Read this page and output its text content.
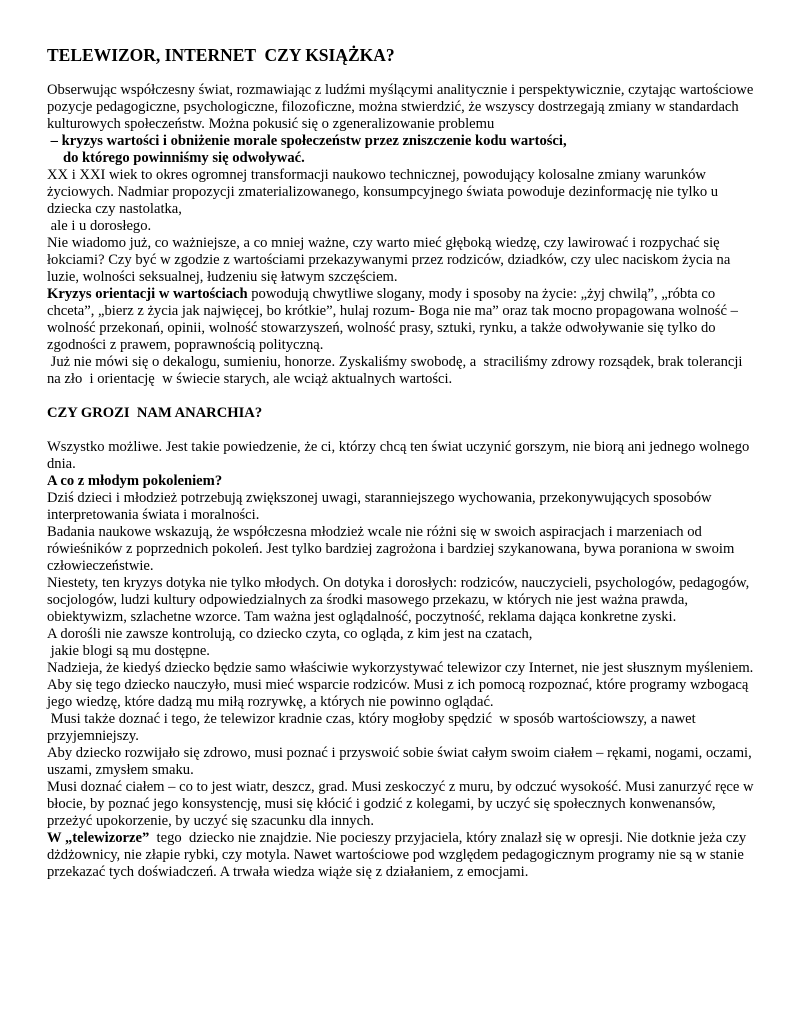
TELEWIZOR, INTERNET  CZY KSIĄŻKA?

Obserwując współczesny świat, rozmawiając z ludźmi myślącymi analitycznie i perspektywicznie, czytając wartościowe pozycje pedagogiczne, psychologiczne, filozoficzne, można stwierdzić, że wszyscy dostrzegają zmiany w standardach kulturowych społeczeństw. Można pokusić się o zgeneralizowanie problemu

– kryzys wartości i obniżenie morale społeczeństw przez zniszczenie kodu wartości,

do którego powinniśmy się odwoływać.

XX i XXI wiek to okres ogromnej transformacji naukowo technicznej, powodujący kolosalne zmiany warunków życiowych. Nadmiar propozycji zmaterializowanego, konsumpcyjnego świata powoduje dezinformację nie tylko u dziecka czy nastolatka,

ale i u dorosłego.

Nie wiadomo już, co ważniejsze, a co mniej ważne, czy warto mieć głęboką wiedzę, czy lawirować i rozpychać się łokciami? Czy być w zgodzie z wartościami przekazywanymi przez rodziców, dziadków, czy ulec naciskom życia na luzie, wolności seksualnej, łudzeniu się łatwym szczęściem.

Kryzys orientacji w wartościach powodują chwytliwe slogany, mody i sposoby na życie: „żyj chwilą”, „róbta co chceta”, „bierz z życia jak najwięcej, bo krótkie”, hulaj rozum- Boga nie ma” oraz tak mocno propagowana wolność – wolność przekonań, opinii, wolność stowarzyszeń, wolność prasy, sztuki, rynku, a także odwoływanie się tylko do zgodności z prawem, poprawnością polityczną.

Już nie mówi się o dekalogu, sumieniu, honorze. Zyskaliśmy swobodę, a  straciliśmy zdrowy rozsądek, brak tolerancji na zło  i orientację  w świecie starych, ale wciąż aktualnych wartości.

CZY GROZI  NAM ANARCHIA?

Wszystko możliwe. Jest takie powiedzenie, że ci, którzy chcą ten świat uczynić gorszym, nie biorą ani jednego wolnego dnia.

A co z młodym pokoleniem?

Dziś dzieci i młodzież potrzebują zwiększonej uwagi, staranniejszego wychowania, przekonywujących sposobów interpretowania świata i moralności.

Badania naukowe wskazują, że współczesna młodzież wcale nie różni się w swoich aspiracjach i marzeniach od rówieśników z poprzednich pokoleń. Jest tylko bardziej zagrożona i bardziej szykanowana, bywa poraniona w swoim człowieczeństwie.

Niestety, ten kryzys dotyka nie tylko młodych. On dotyka i dorosłych: rodziców, nauczycieli, psychologów, pedagogów, socjologów, ludzi kultury odpowiedzialnych za środki masowego przekazu, w których nie jest ważna prawda, obiektywizm, szlachetne wzorce. Tam ważna jest oglądalność, poczytność, reklama dająca konkretne zyski.

A dorośli nie zawsze kontrolują, co dziecko czyta, co ogląda, z kim jest na czatach,

jakie blogi są mu dostępne.

Nadzieja, że kiedyś dziecko będzie samo właściwie wykorzystywać telewizor czy Internet, nie jest słusznym myśleniem. Aby się tego dziecko nauczyło, musi mieć wsparcie rodziców. Musi z ich pomocą rozpoznać, które programy wzbogacą jego wiedzę, które dadzą mu miłą rozrywkę, a których nie powinno oglądać.

Musi także doznać i tego, że telewizor kradnie czas, który mogłoby spędzić  w sposób wartościowszy, a nawet przyjemniejszy.

Aby dziecko rozwijało się zdrowo, musi poznać i przyswoić sobie świat całym swoim ciałem – rękami, nogami, oczami, uszami, zmysłem smaku.

Musi doznać ciałem – co to jest wiatr, deszcz, grad. Musi zeskoczyć z muru, by odczuć wysokość. Musi zanurzyć ręce w błocie, by poznać jego konsystencję, musi się kłócić i godzić z kolegami, by uczyć się społecznych konwenansów, przeżyć upokorzenie, by uczyć się szacunku dla innych.

W „telewizorze”  tego  dziecko nie znajdzie. Nie pocieszy przyjaciela, który znalazł się w opresji. Nie dotknie jeża czy dżdżownicy, nie złapie rybki, czy motyla. Nawet wartościowe pod względem pedagogicznym programy nie są w stanie przekazać tych doświadczeń. A trwała wiedza wiąże się z działaniem, z emocjami.
